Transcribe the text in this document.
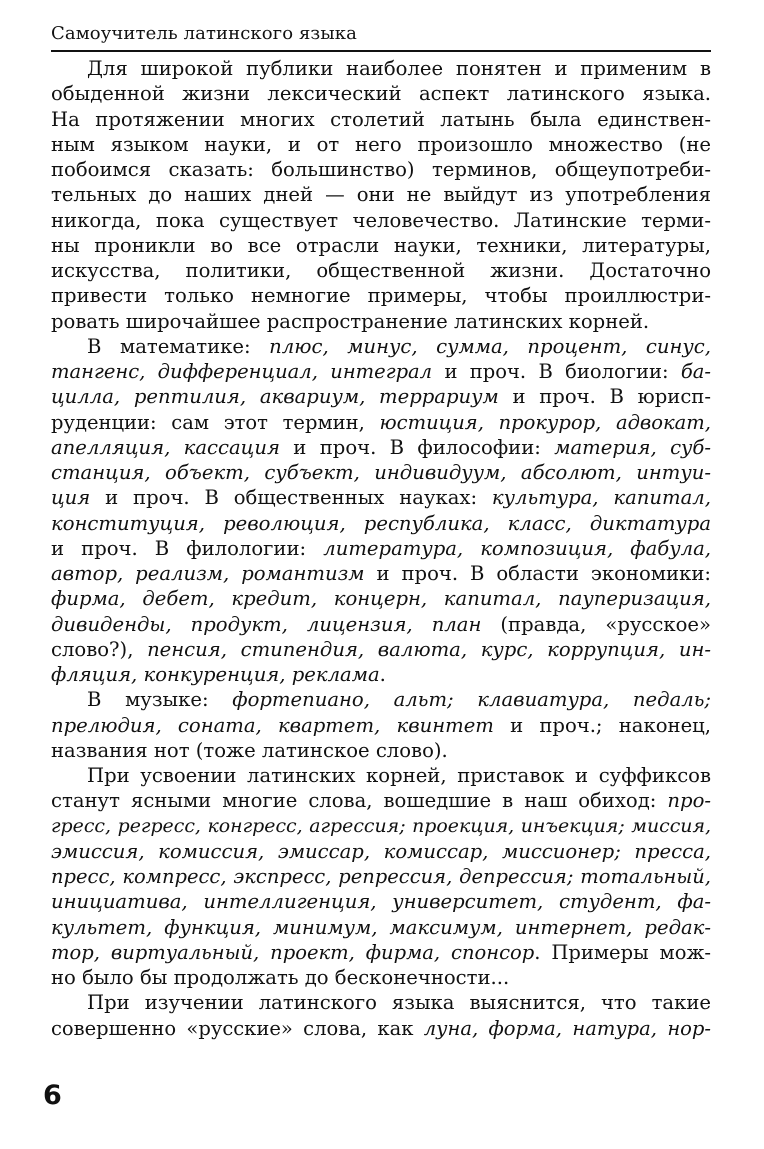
Самоучитель латинского языка
Для широкой публики наиболее понятен и применим в
обыденной жизни лексический аспект латинского языка.
На протяжении многих столетий латынь была единствен-
ным языком науки, и от него произошло множество (не
побоимся сказать: большинство) терминов, общеупотреби-
тельных до наших дней — они не выйдут из употребления
никогда, пока существует человечество. Латинские терми-
ны проникли во все отрасли науки, техники, литературы,
искусства, политики, общественной жизни. Достаточно
привести только немногие примеры, чтобы проиллюстри-
ровать широчайшее распространение латинских корней.
В математике: плюс, минус, сумма, процент, синус,
тангенс, дифференциал, интеграл и проч. В биологии: ба-
цилла, рептилия, аквариум, террариум и проч. В юрисп-
руденции: сам этот термин, юстиция, прокурор, адвокат,
апелляция, кассация и проч. В философии: материя, суб-
станция, объект, субъект, индивидуум, абсолют, интуи-
ция и проч. В общественных науках: культура, капитал,
конституция, революция, республика, класс, диктатура
и проч. В филологии: литература, композиция, фабула,
автор, реализм, романтизм и проч. В области экономики:
фирма, дебет, кредит, концерн, капитал, пауперизация,
дивиденды, продукт, лицензия, план (правда, «русское»
слово?), пенсия, стипендия, валюта, курс, коррупция, ин-
фляция, конкуренция, реклама.
В музыке: фортепиано, альт; клавиатура, педаль;
прелюдия, соната, квартет, квинтет и проч.; наконец,
названия нот (тоже латинское слово).
При усвоении латинских корней, приставок и суффиксов
станут ясными многие слова, вошедшие в наш обиход: про-
гресс, регресс, конгресс, агрессия; проекция, инъекция; миссия,
эмиссия, комиссия, эмиссар, комиссар, миссионер; пресса,
пресс, компресс, экспресс, репрессия, депрессия; тотальный,
инициатива, интеллигенция, университет, студент, фа-
культет, функция, минимум, максимум, интернет, редак-
тор, виртуальный, проект, фирма, спонсор. Примеры мож-
но было бы продолжать до бесконечности...
При изучении латинского языка выяснится, что такие
совершенно «русские» слова, как луна, форма, натура, нор-
6
